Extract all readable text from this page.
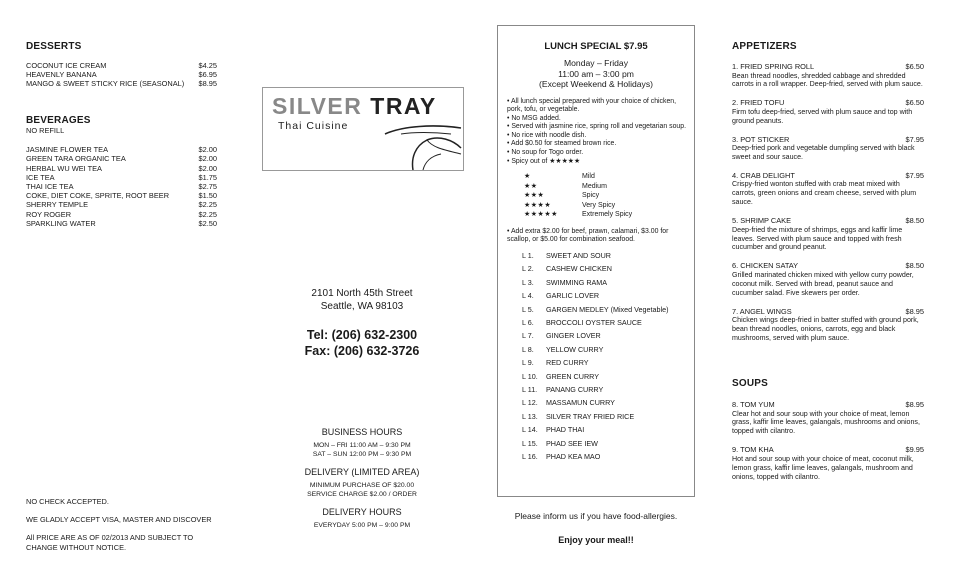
DESSERTS
COCONUT ICE CREAM	$4.25
HEAVENLY BANANA	$6.95
MANGO & SWEET STICKY RICE (SEASONAL) $8.95
BEVERAGES
NO REFILL
JASMINE FLOWER TEA	$2.00
GREEN TARA ORGANIC TEA	$2.00
HERBAL WU WEI TEA	$2.00
ICE TEA	$1.75
THAI ICE TEA	$2.75
COKE, DIET COKE, SPRITE, ROOT BEER	$1.50
SHERRY TEMPLE	$2.25
ROY ROGER	$2.25
SPARKLING WATER	$2.50
NO CHECK ACCEPTED.
WE GLADLY ACCEPT VISA, MASTER AND DISCOVER
All PRICE ARE AS OF 02/2013 AND SUBJECT TO
CHANGE WITHOUT NOTICE.
SILVER TRAY
Thai Cuisine
2101 North 45th Street
Seattle, WA 98103
Tel: (206) 632-2300
Fax: (206) 632-3726
BUSINESS HOURS
MON – FRI 11:00 AM – 9:30 PM
SAT – SUN 12:00 PM – 9:30 PM
DELIVERY (LIMITED AREA)
MINIMUM PURCHASE OF $20.00
SERVICE CHARGE $2.00 / ORDER
DELIVERY HOURS
EVERYDAY 5:00 PM – 9:00 PM
LUNCH SPECIAL $7.95
Monday – Friday
11:00 am – 3:00 pm
(Except Weekend & Holidays)
• All lunch special prepared with your choice of chicken, pork, tofu, or vegetable.
• No MSG added.
• Served with jasmine rice, spring roll and vegetarian soup.
• No rice with noodle dish.
• Add $0.50 for steamed brown rice.
• No soup for Togo order.
• Spicy out of ★★★★★
★	Mild
★★	Medium
★★★	Spicy
★★★★	Very Spicy
★★★★★	Extremely Spicy
• Add extra $2.00 for beef, prawn, calamari, $3.00 for scallop, or $5.00 for combination seafood.
L 1.	SWEET AND SOUR
L 2.	CASHEW CHICKEN
L 3.	SWIMMING RAMA
L 4.	GARLIC LOVER
L 5.	GARGEN MEDLEY (Mixed Vegetable)
L 6.	BROCCOLI OYSTER SAUCE
L 7.	GINGER LOVER
L 8.	YELLOW CURRY
L 9.	RED CURRY
L 10.	GREEN CURRY
L 11.	PANANG CURRY
L 12.	MASSAMUN CURRY
L 13.	SILVER TRAY FRIED RICE
L 14.	PHAD THAI
L 15.	PHAD SEE IEW
L 16.	PHAD KEA MAO
Please inform us if you have food-allergies.
Enjoy your meal!!
APPETIZERS
1. FRIED SPRING ROLL	$6.50
Bean thread noodles, shredded cabbage and shredded carrots in a roll wrapper. Deep-fried, served with plum sauce.
2. FRIED TOFU	$6.50
Firm tofu deep-fried, served with plum sauce and top with ground peanuts.
3. POT STICKER	$7.95
Deep-fried pork and vegetable dumpling served with black sweet and sour sauce.
4. CRAB DELIGHT	$7.95
Crispy-fried wonton stuffed with crab meat mixed with carrots, green onions and cream cheese, served with plum sauce.
5. SHRIMP CAKE	$8.50
Deep-fried the mixture of shrimps, eggs and kaffir lime leaves. Served with plum sauce and topped with fresh cucumber and ground peanut.
6. CHICKEN SATAY	$8.50
Grilled marinated chicken mixed with yellow curry powder, coconut milk. Served with bread, peanut sauce and cucumber salad. Five skewers per order.
7. ANGEL WINGS	$8.95
Chicken wings deep-fried in batter stuffed with ground pork, bean thread noodles, onions, carrots, egg and black mushrooms, served with plum sauce.
SOUPS
8. TOM YUM	$8.95
Clear hot and sour soup with your choice of meat, lemon grass, kaffir lime leaves, galangals, mushrooms and onions, topped with cilantro.
9. TOM KHA	$9.95
Hot and sour soup with your choice of meat, coconut milk, lemon grass, kaffir lime leaves, galangals, mushroom and onions, topped with cilantro.
